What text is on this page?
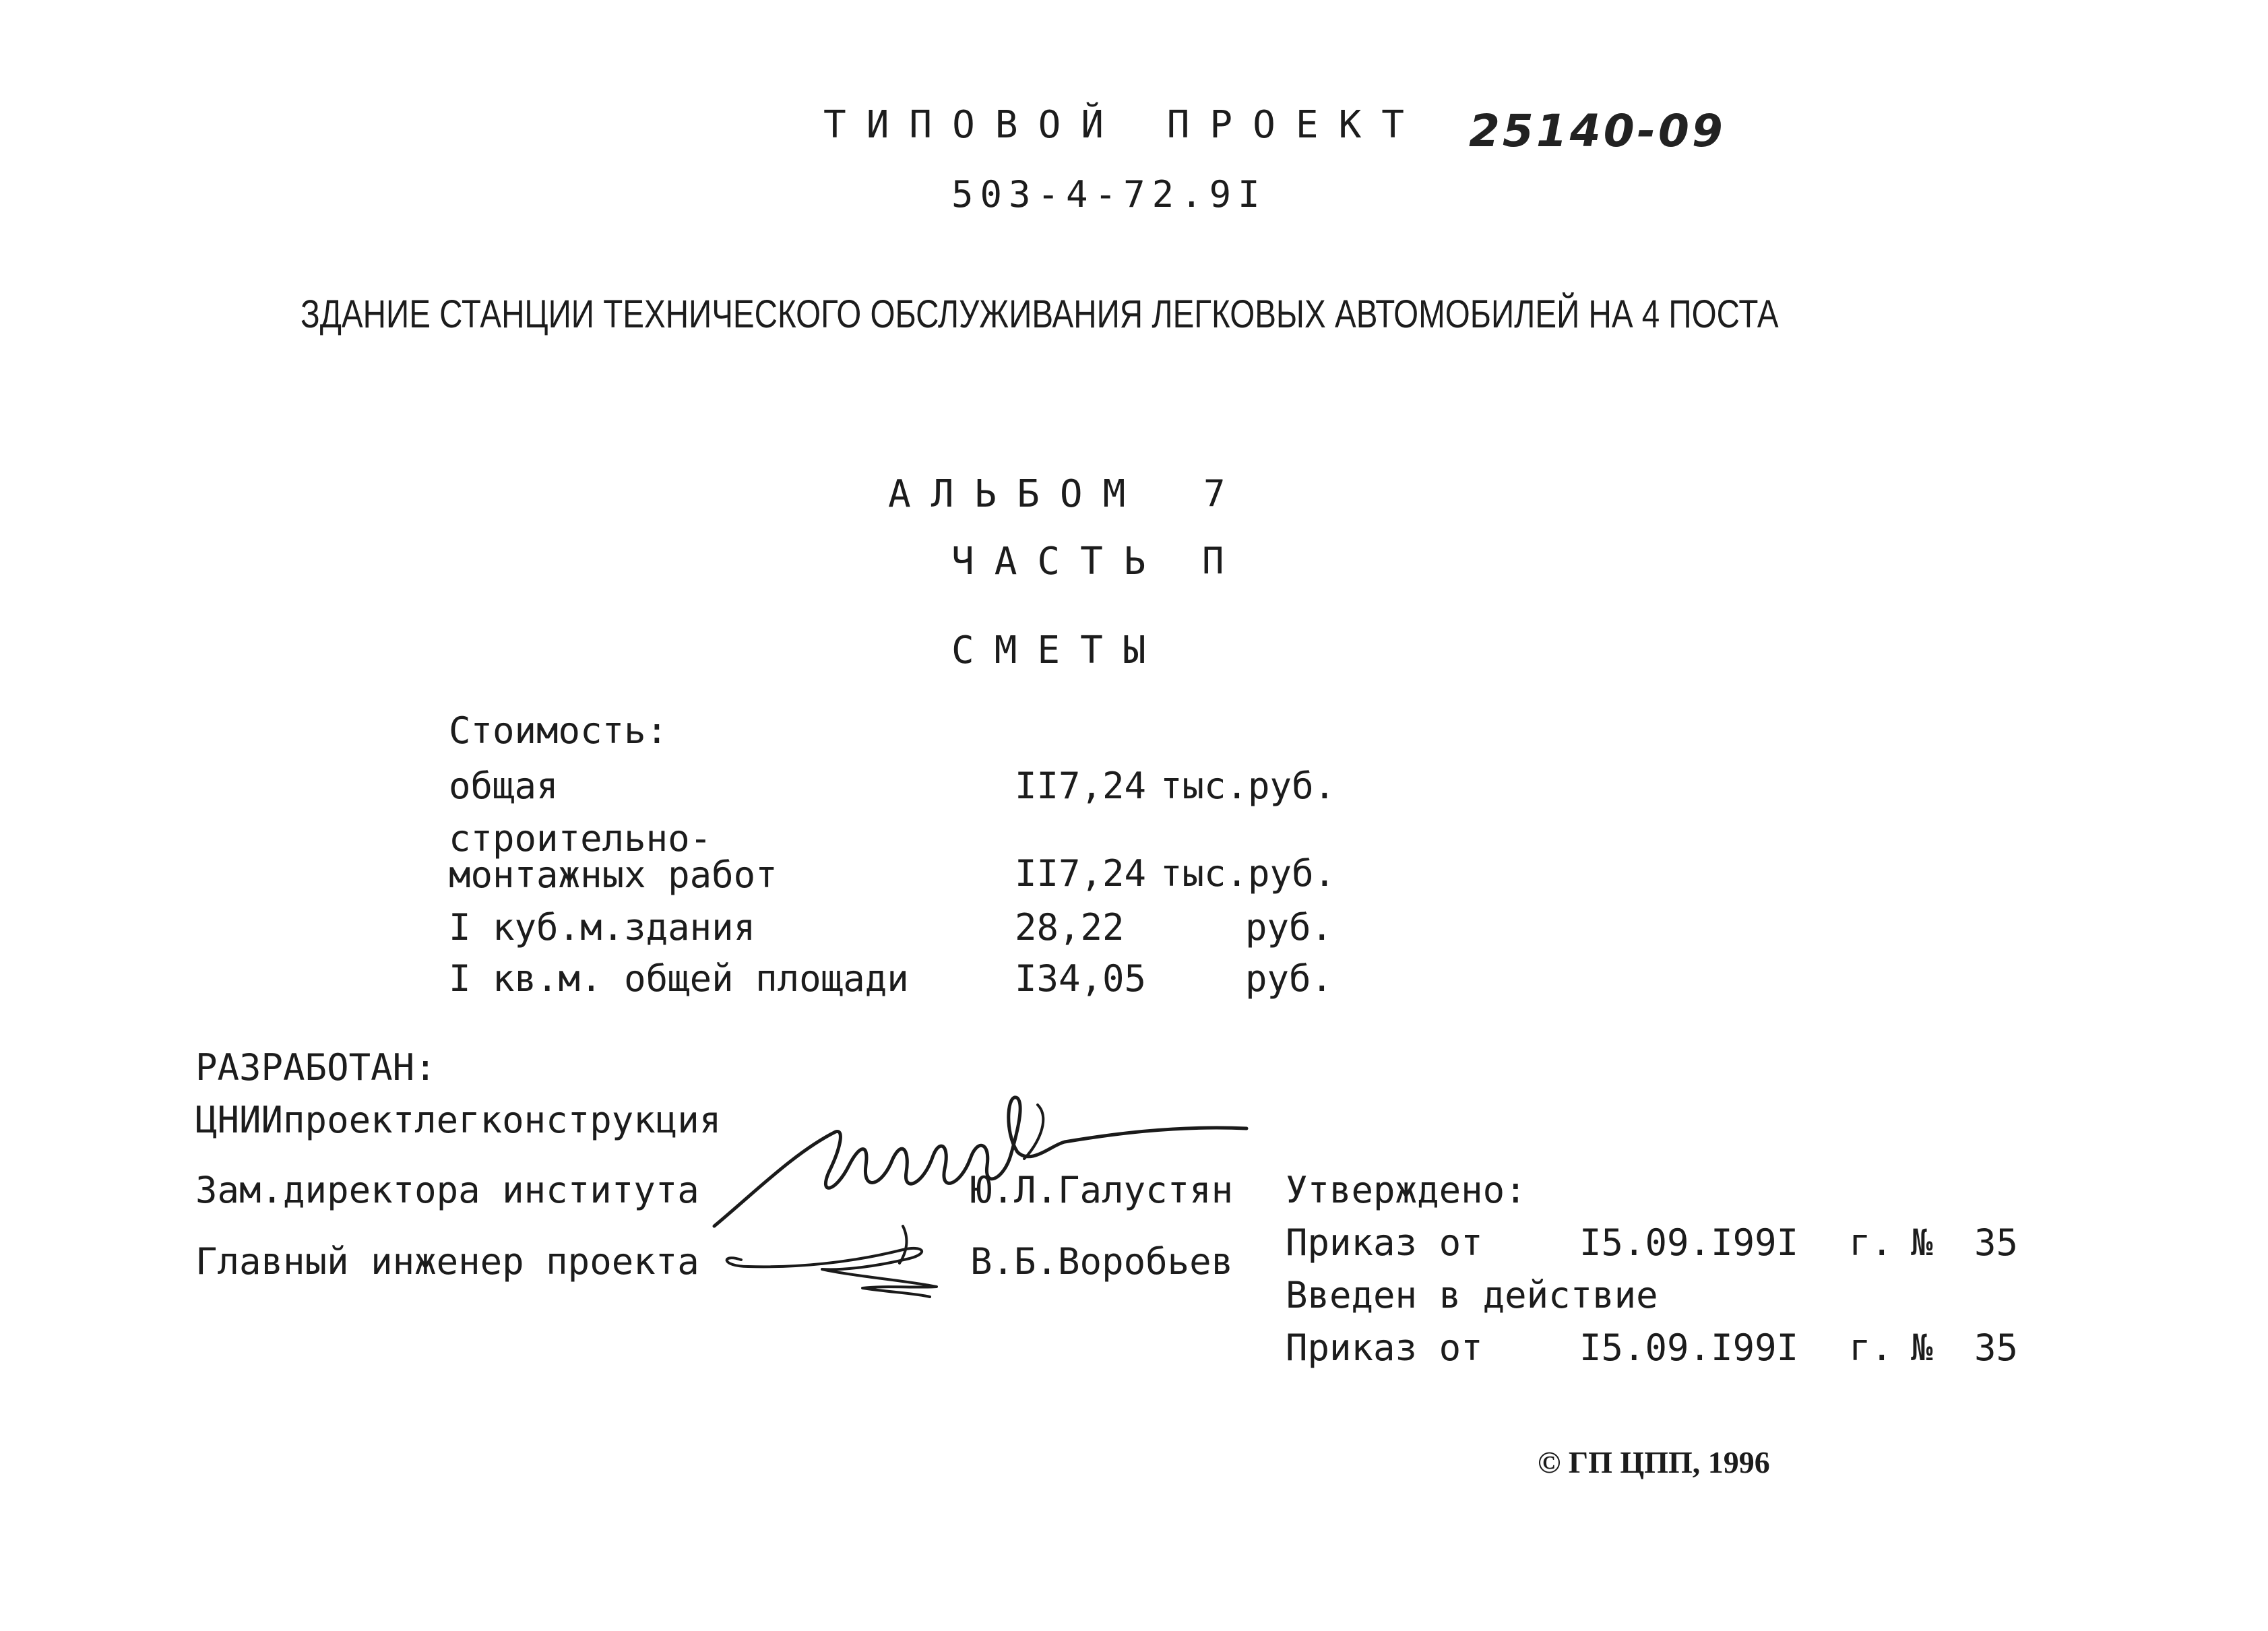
ТИПОВОЙ ПРОЕКТ 25140-09
503-4-72.9I
ЗДАНИЕ СТАНЦИИ ТЕХНИЧЕСКОГО ОБСЛУЖИВАНИЯ ЛЕГКОВЫХ АВТОМОБИЛЕЙ НА 4 ПОСТА
АЛЬБОМ 7
ЧАСТЬ П
СМЕТЫ
Стоимость:
общая	II7,24 тыс.руб.
строительно-
монтажных работ	II7,24 тыс.руб.
I куб.м.здания	28,22	руб.
I кв.м. общей площади	I34,05	руб.
РАЗРАБОТАН:
ЦНИИпроектлегконструкция
Зам.директора института	Ю.Л.Галустян
Главный инженер проекта	В.Б.Воробьев
Утверждено:
Приказ от	I5.09.I99I г. № 35
Введен в действие
Приказ от	I5.09.I99I г. № 35
© ГП ЦПП, 1996
